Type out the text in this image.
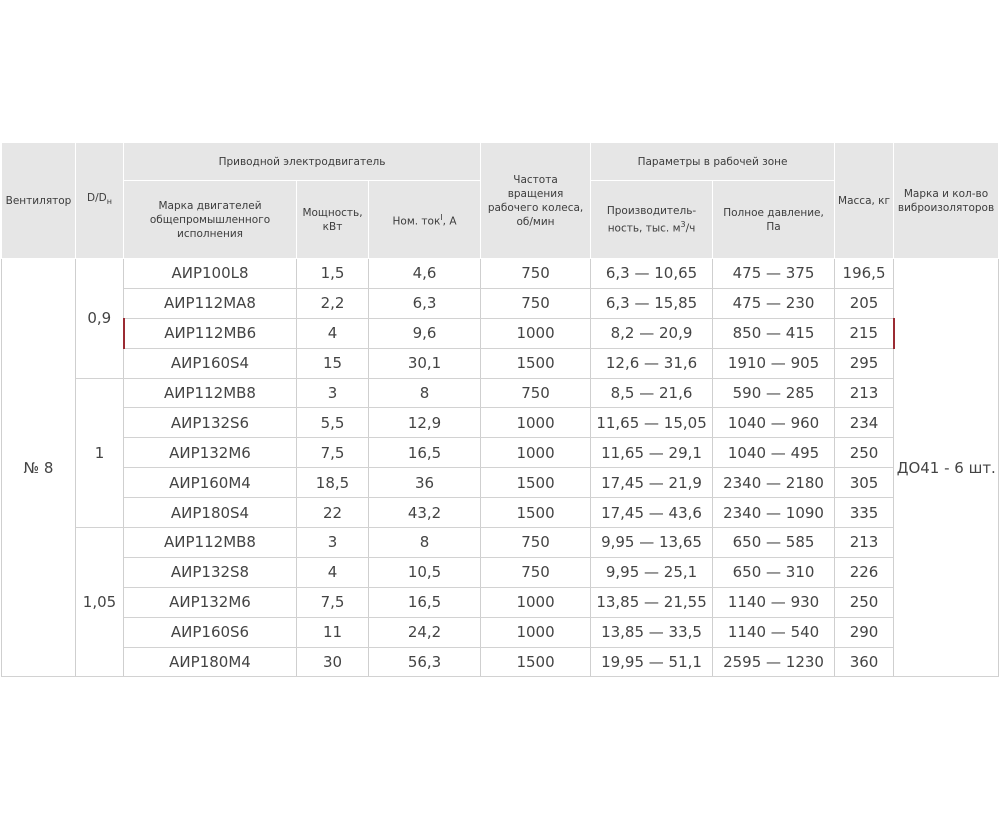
Вентилятор	$D/D_н$	Приводной электродвигатель			Частота вращения рабочего колеса, об/мин	Параметры в рабочей зоне		Масса, кг	Марка и кол-во виброизоляторов
		Марка двигателей общепромышленного исполнения	Мощность, кВт	Ном. ток$^I$, А		Производитель-ность, тыс. $м^3/ч$	Полное давление, Па		
№ 8	0,9	АИР100L8	1,5	4,6	750	6,3 — 10,65	475 — 375	196,5	ДО41 - 6 шт.
		АИР112МА8	2,2	6,3	750	6,3 — 15,85	475 — 230	205	
		АИР112МВ6	4	9,6	1000	8,2 — 20,9	850 — 415	215	
		АИР160S4	15	30,1	1500	12,6 — 31,6	1910 — 905	295	
	1	АИР112МВ8	3	8	750	8,5 — 21,6	590 — 285	213	
		АИР132S6	5,5	12,9	1000	11,65 — 15,05	1040 — 960	234	
		АИР132М6	7,5	16,5	1000	11,65 — 29,1	1040 — 495	250	
		АИР160М4	18,5	36	1500	17,45 — 21,9	2340 — 2180	305	
		АИР180S4	22	43,2	1500	17,45 — 43,6	2340 — 1090	335	
	1,05	АИР112МВ8	3	8	750	9,95 — 13,65	650 — 585	213	
		АИР132S8	4	10,5	750	9,95 — 25,1	650 — 310	226	
		АИР132М6	7,5	16,5	1000	13,85 — 21,55	1140 — 930	250	
		АИР160S6	11	24,2	1000	13,85 — 33,5	1140 — 540	290	
		АИР180М4	30	56,3	1500	19,95 — 51,1	2595 — 1230	360	
